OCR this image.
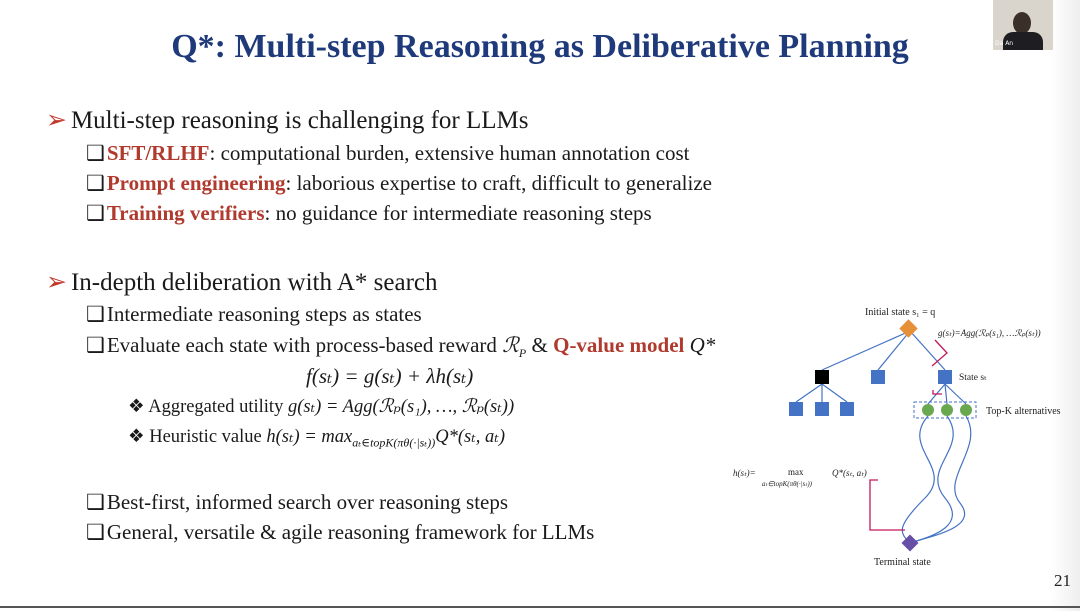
Da An
Q*: Multi-step Reasoning as Deliberative Planning
➢ Multi-step reasoning is challenging for LLMs
❑SFT/RLHF: computational burden, extensive human annotation cost
❑Prompt engineering: laborious expertise to craft, difficult to generalize
❑Training verifiers: no guidance for intermediate reasoning steps
➢ In-depth deliberation with A* search
❑Intermediate reasoning steps as states
❑Evaluate each state with process-based reward ℛ$_P$ & Q-value model Q*
f(sₜ) = g(sₜ) + λh(sₜ)
❖ Aggregated utility g(sₜ) = Agg(ℛₚ(s₁), …, ℛₚ(sₜ))
❖ Heuristic value $h(s_t) = \max_{a_t\in topK(\pi\theta(\cdot|s_t))}Q*(s_t$, aₜ)
❑Best-first, informed search over reasoning steps
❑General, versatile & agile reasoning framework for LLMs
Initial state s₁ = q
g(sₜ)=Agg(ℛₚ(s₁), …ℛₚ(sₜ))
State sₜ
Top-K alternatives
h(sₜ)=	max
aₜ∈topK(πθ(·|sₜ))
Q*(sₜ, aₜ)
Terminal state
21
